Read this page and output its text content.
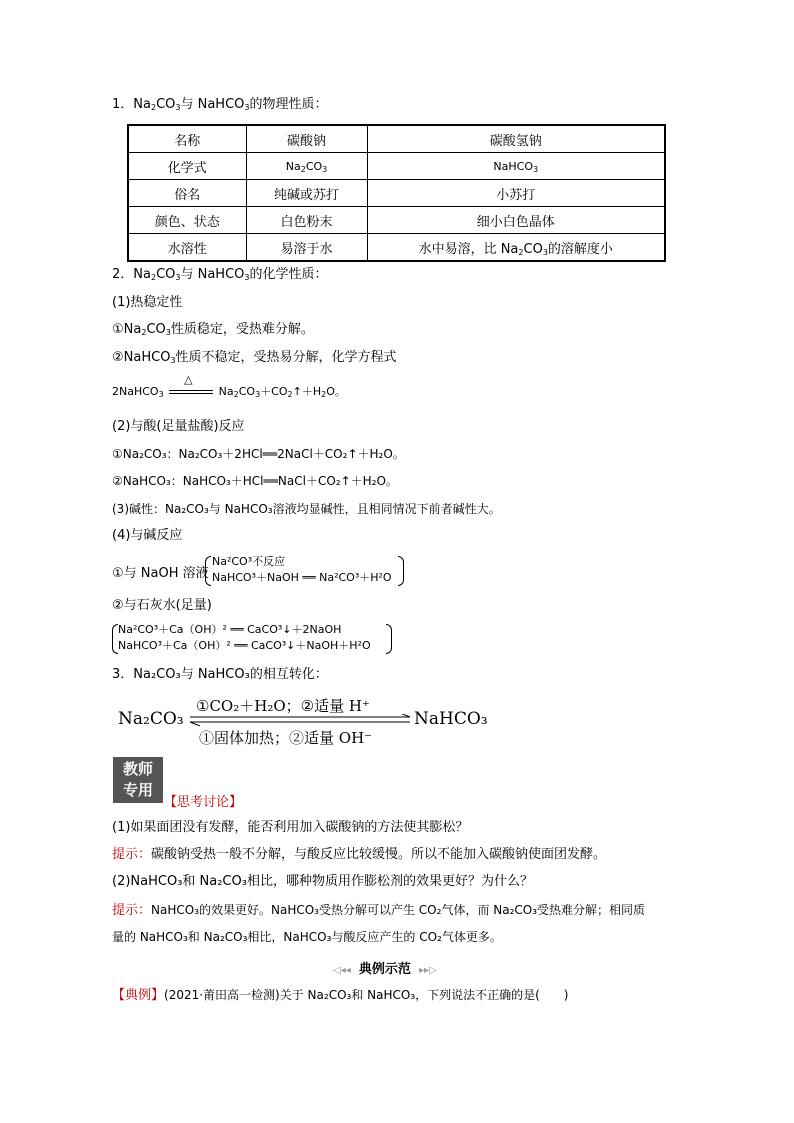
1．$Na_2CO_3$与 NaHCO$_3$的物理性质：
名称	碳酸钠	碳酸氢钠
化学式	$Na_2CO_3$	NaHCO$_3$
俗名	纯碱或苏打	小苏打
颜色、状态	白色粉末	细小白色晶体
水溶性	易溶于水	水中易溶，比 $Na_2CO_3$的溶解度小
2．$Na_2CO_3$与 NaHCO$_3$的化学性质：
(1)热稳定性
$①Na_2CO_3$性质稳定，受热难分解。
②NaHCO$_3$性质不稳定，受热易分解，化学方程式
2NaHCO$_3$
△
$Na_2CO_3+CO_2↑+H_2O$。
(2)与酸(足量盐酸)反应
①Na₂CO₃：Na₂CO₃＋2HCl══2NaCl＋CO₂↑＋H₂O。
②NaHCO₃：NaHCO₃＋HCl══NaCl＋CO₂↑＋H₂O。
(3)碱性：Na₂CO₃与 NaHCO₃溶液均显碱性，且相同情况下前者碱性大。
(4)与碱反应
①与 NaOH 溶液
Na²CO³不反应
NaHCO³＋NaOH ══ Na²CO³＋H²O
②与石灰水(足量)
Na²CO³＋Ca（OH）² ══ CaCO³↓＋2NaOH
NaHCO³＋Ca（OH）² ══ CaCO³↓＋NaOH＋H²O
3．Na₂CO₃与 NaHCO₃的相互转化：
Na₂CO₃
①CO₂＋H₂O；②适量 H⁺
①固体加热；②适量 OH⁻
NaHCO₃
教师
专用
【思考讨论】
(1)如果面团没有发酵，能否利用加入碳酸钠的方法使其膨松？
提示：碳酸钠受热一般不分解，与酸反应比较缓慢。所以不能加入碳酸钠使面团发酵。
(2)NaHCO₃和 Na₂CO₃相比，哪种物质用作膨松剂的效果更好？为什么？
提示：NaHCO₃的效果更好。NaHCO₃受热分解可以产生 CO₂气体，而 Na₂CO₃受热难分解；相同质
量的 NaHCO₃和 Na₂CO₃相比，NaHCO₃与酸反应产生的 CO₂气体更多。
◁◂◂ 典例示范 ▸▸▷
【典例】(2021·莆田高一检测)关于 Na₂CO₃和 NaHCO₃，下列说法不正确的是(　　)
